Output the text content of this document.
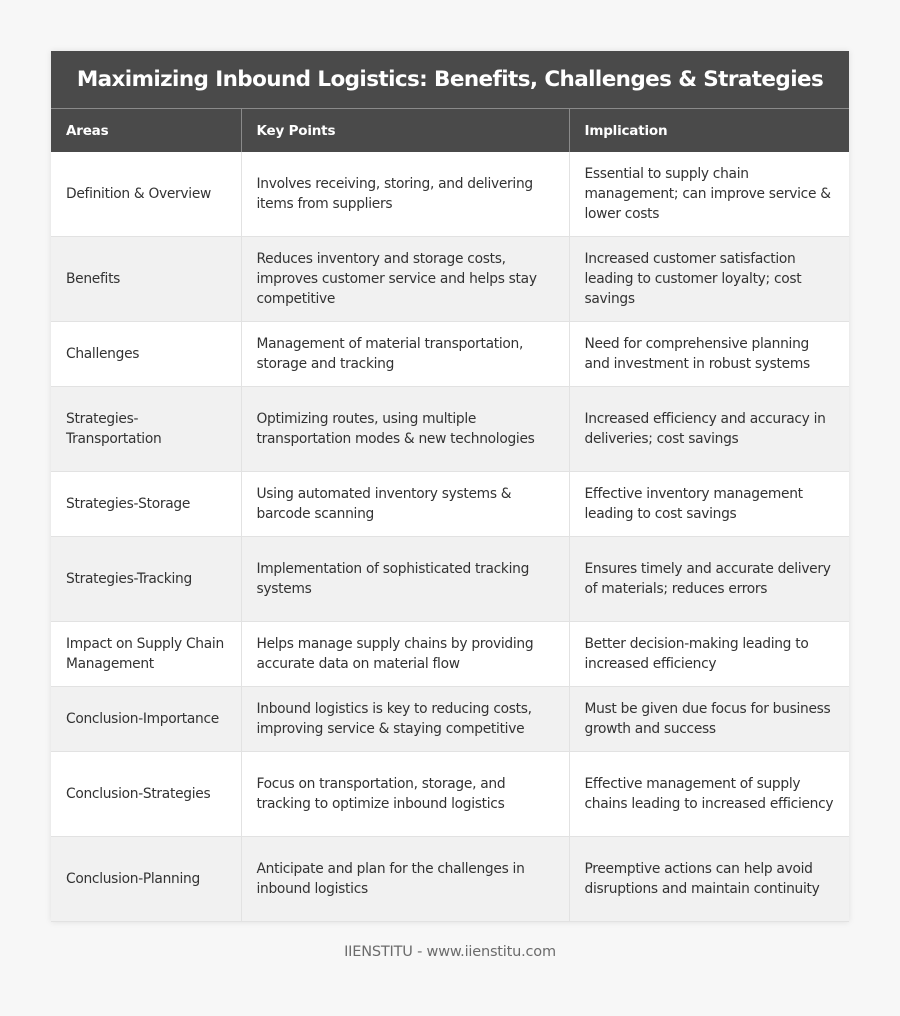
Maximizing Inbound Logistics: Benefits, Challenges & Strategies
Areas	Key Points	Implication
Definition & Overview	Involves receiving, storing, and delivering items from suppliers	Essential to supply chain management; can improve service & lower costs
Benefits	Reduces inventory and storage costs, improves customer service and helps stay competitive	Increased customer satisfaction leading to customer loyalty; cost savings
Challenges	Management of material transportation, storage and tracking	Need for comprehensive planning and investment in robust systems
Strategies-Transportation	Optimizing routes, using multiple transportation modes & new technologies	Increased efficiency and accuracy in deliveries; cost savings
Strategies-Storage	Using automated inventory systems & barcode scanning	Effective inventory management leading to cost savings
Strategies-Tracking	Implementation of sophisticated tracking systems	Ensures timely and accurate delivery of materials; reduces errors
Impact on Supply Chain Management	Helps manage supply chains by providing accurate data on material flow	Better decision-making leading to increased efficiency
Conclusion-Importance	Inbound logistics is key to reducing costs, improving service & staying competitive	Must be given due focus for business growth and success
Conclusion-Strategies	Focus on transportation, storage, and tracking to optimize inbound logistics	Effective management of supply chains leading to increased efficiency
Conclusion-Planning	Anticipate and plan for the challenges in inbound logistics	Preemptive actions can help avoid disruptions and maintain continuity
IIENSTITU - www.iienstitu.com
